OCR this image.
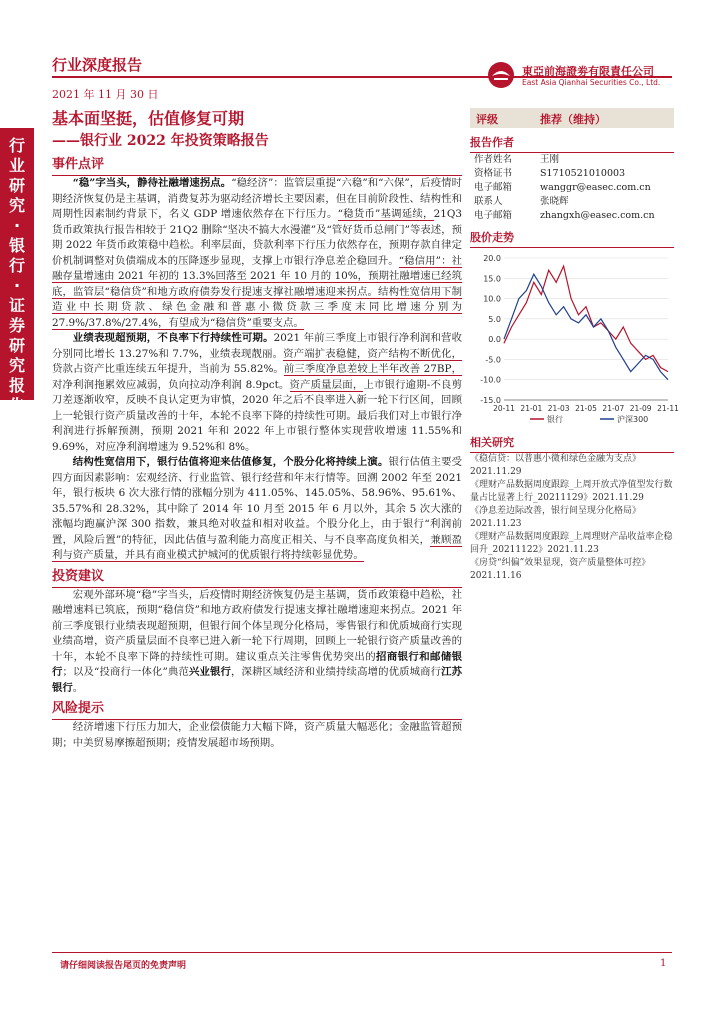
行业深度报告
2021 年 11 月 30 日
東亞前海證劵有限責任公司
East Asia Qianhai Securities Co., Ltd.
行业研究·银行·证券研究报告
基本面坚挺，估值修复可期
——银行业 2022 年投资策略报告
事件点评

“稳”字当头，静待社融增速拐点。“稳经济”：监管层重提“六稳”和“六保”，后疫情时期经济恢复仍是主基调，消费复苏为驱动经济增长主要因素，但在目前阶段性、结构性和周期性因素制约背景下，名义 GDP 增速依然存在下行压力。“稳货币”基调延续，21Q3 货币政策执行报告相较于 21Q2 删除“坚决不搞大水漫灌”及“管好货币总闸门”等表述，预期 2022 年货币政策稳中趋松。利率层面，贷款利率下行压力依然存在，预期存款自律定价机制调整对负债端成本的压降逐步显现，支撑上市银行净息差企稳回升。“稳信用”：社融存量增速由 2021 年初的 13.3%回落至 2021 年 10 月的 10%，预期社融增速已经筑底，监管层“稳信贷”和地方政府债券发行提速支撑社融增速迎来拐点。结构性宽信用下制造业中长期贷款、绿色金融和普惠小微贷款三季度末同比增速分别为 27.9%/37.8%/27.4%，有望成为“稳信贷”重要支点。

业绩表现超预期，不良率下行持续性可期。2021 年前三季度上市银行净利润和营收分别同比增长 13.27%和 7.7%，业绩表现靓丽。资产端扩表稳健，资产结构不断优化，贷款占资产比重连续五年提升，当前为 55.82%。前三季度净息差较上半年改善 27BP，对净利润拖累效应减弱，负向拉动净利润 8.9pct。资产质量层面，上市银行逾期-不良剪刀差逐渐收窄，反映不良认定更为审慎，2020 年之后不良率进入新一轮下行区间，回顾上一轮银行资产质量改善的十年，本轮不良率下降的持续性可期。最后我们对上市银行净利润进行拆解预测，预期 2021 年和 2022 年上市银行整体实现营收增速 11.55%和 9.69%，对应净利润增速为 9.52%和 8%。

结构性宽信用下，银行估值将迎来估值修复，个股分化将持续上演。银行估值主要受四方面因素影响：宏观经济、行业监管、银行经营和年末行情等。回溯 2002 年至 2021 年，银行板块 6 次大涨行情的涨幅分别为 411.05%、145.05%、58.96%、95.61%、35.57%和 28.32%，其中除了 2014 年 10 月至 2015 年 6 月以外，其余 5 次大涨的涨幅均跑赢沪深 300 指数，兼具绝对收益和相对收益。个股分化上，由于银行“利润前置，风险后置”的特征，因此估值与盈利能力高度正相关、与不良率高度负相关，兼顾盈利与资产质量，并具有商业模式护城河的优质银行将持续彰显优势。

投资建议

宏观外部环境“稳”字当头，后疫情时期经济恢复仍是主基调，货币政策稳中趋松，社融增速料已筑底，预期“稳信贷”和地方政府债发行提速支撑社融增速迎来拐点。2021 年前三季度银行业绩表现超预期，但银行间个体呈现分化格局，零售银行和优质城商行实现业绩高增，资产质量层面不良率已进入新一轮下行周期，回顾上一轮银行资产质量改善的十年，本轮不良率下降的持续性可期。建议重点关注零售优势突出的招商银行和邮储银行；以及“投商行一体化”典范兴业银行，深耕区域经济和业绩持续高增的优质城商行江苏银行。

风险提示

经济增速下行压力加大，企业偿债能力大幅下降，资产质量大幅恶化；金融监管超预期；中美贸易摩擦超预期；疫情发展超市场预期。

评级	推荐（维持）
报告作者
作者姓名	王刚
资格证书	S1710521010003
电子邮箱	wanggr@easec.com.cn
联系人	张晓辉
电子邮箱	zhangxh@easec.com.cn
股价走势
20.0
15.0
10.0
5.0
0.0
-5.0
-10.0
-15.0
20-11 21-01 21-03 21-05 21-07 21-09 21-11
银行	沪深300
相关研究
《稳信贷：以普惠小微和绿色金融为支点》2021.11.29
《理财产品数据周度跟踪_上周开放式净值型发行数量占比显著上行_20211129》2021.11.29
《净息差边际改善，银行间呈现分化格局》2021.11.23
《理财产品数据周度跟踪_上周理财产品收益率企稳回升_20211122》2021.11.23
《房贷“纠偏”效果显现，资产质量整体可控》2021.11.16
请仔细阅读报告尾页的免责声明	1
